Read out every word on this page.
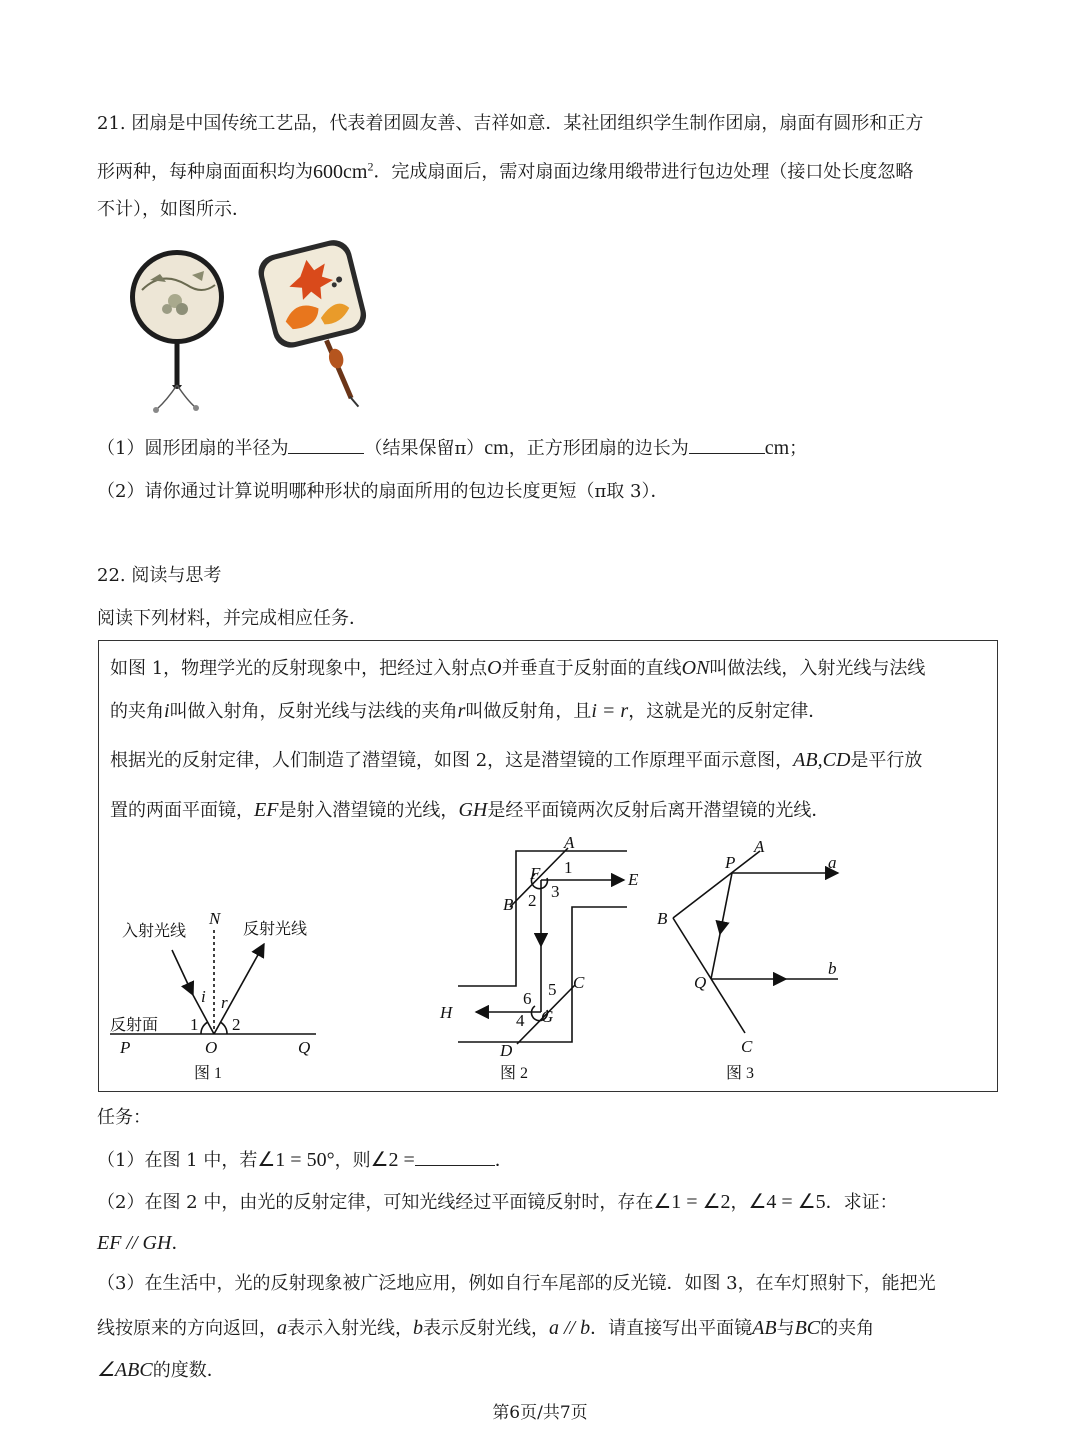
21. 团扇是中国传统工艺品，代表着团圆友善、吉祥如意．某社团组织学生制作团扇，扇面有圆形和正方
形两种，每种扇面面积均为$600cm^2$．完成扇面后，需对扇面边缘用缎带进行包边处理（接口处长度忽略
不计），如图所示．
（1）圆形团扇的半径为	（结果保留π）cm，正方形团扇的边长为	cm；
（2）请你通过计算说明哪种形状的扇面所用的包边长度更短（π取 3）．
22. 阅读与思考
阅读下列材料，并完成相应任务．
如图 1，物理学光的反射现象中，把经过入射点O并垂直于反射面的直线ON叫做法线，入射光线与法线
的夹角i叫做入射角，反射光线与法线的夹角r叫做反射角，且i = r，这就是光的反射定律．
根据光的反射定律，人们制造了潜望镜，如图 2，这是潜望镜的工作原理平面示意图，AB,CD是平行放
置的两面平面镜，EF是射入潜望镜的光线，GH是经平面镜两次反射后离开潜望镜的光线．
入射光线	反射光线
反射面
N
i r
1 2
P	O	Q
图 1
A
1
F	E
3
B 2
C
5
6
H	4 G
D
图 2
A
P	a
B
b
Q
C
图 3
任务：
（1）在图 1 中，若∠1 = 50°，则∠2 =	．
（2）在图 2 中，由光的反射定律，可知光线经过平面镜反射时，存在∠1 = ∠2，∠4 = ∠5．求证：
EF // GH．
（3）在生活中，光的反射现象被广泛地应用，例如自行车尾部的反光镜．如图 3，在车灯照射下，能把光
线按原来的方向返回，a表示入射光线，b表示反射光线，a // b．请直接写出平面镜AB与BC的夹角
∠ABC的度数．
第6页/共7页
